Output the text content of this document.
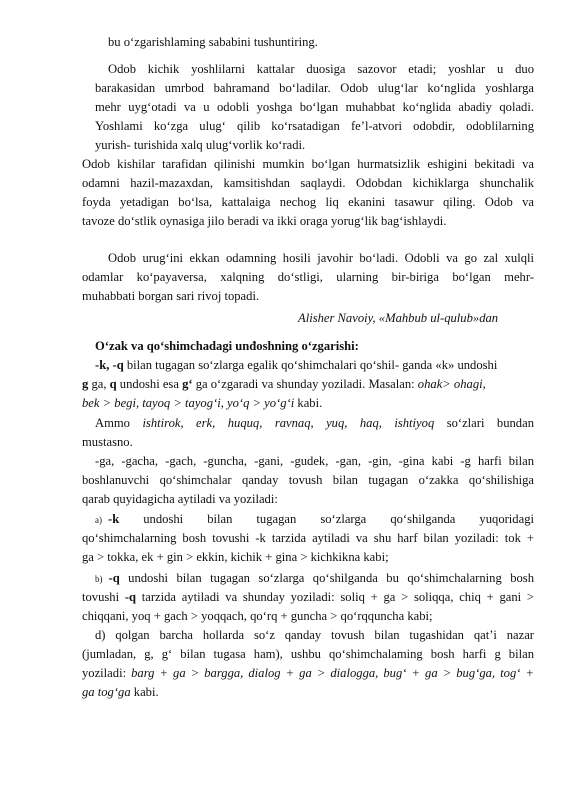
bu o‘zgarishlaming sababini tushuntiring.
Odob kichik yoshlilarni kattalar duosiga sazovor etadi; yoshlar u duo
barakasidan umrbod bahramand bo‘ladilar. Odob ulug‘lar ko‘nglida yoshlarga
mehr uyg‘otadi va u odobli yoshga bo‘lgan muhabbat ko‘nglida abadiy qoladi.
Yoshlami ko‘zga ulug‘ qilib ko‘rsatadigan fe’l-atvori odobdir, odoblilarning
yurish- turishida xalq ulug‘vorlik ko‘radi.
Odob kishilar tarafidan qilinishi mumkin bo‘lgan hurmatsizlik eshigini bekitadi va
odamni hazil-mazaxdan, kamsitishdan saqlaydi. Odobdan kichiklarga shunchalik
foyda yetadigan bo‘lsa, kattalaiga nechog liq ekanini tasawur qiling. Odob va
tavoze do‘stlik oynasiga jilo beradi va ikki oraga yorug‘lik bag‘ishlaydi.
Odob urug‘ini ekkan odamning hosili javohir bo‘ladi. Odobli va go zal xulqli
odamlar ko‘payaversa, xalqning do‘stligi, ularning bir-biriga bo‘lgan mehr-
muhabbati borgan sari rivoj topadi.
Alisher Navoiy, «Mahbub ul-qulub»dan
O‘zak va qo‘shimchadagi unđoshning o‘zgarishi:
-k, -q bilan tugagan so‘zlarga egalik qo‘shimchalari qo‘shil- ganda «k» undoshi
g ga, q undoshi esa g‘ ga o‘zgaradi va shunday yoziladi. Masalan: ohak> ohagi,
bek > begi, tayoq > tayog‘i, yo‘q > yo‘g‘i kabi.
Ammo ishtirok, erk, huquq, ravnaq, yuq, haq, ishtiyoq so‘zlari bundan
mustasno.
-ga, -gacha, -gach, -guncha, -gani, -gudek, -gan, -gin, -gina kabi -g harfi bilan
boshlanuvchi qo‘shimchalar qanday tovush bilan tugagan o‘zakka qo‘shilishiga
qarab quyidagicha aytiladi va yoziladi:
a) -k undoshi bilan tugagan so‘zlarga qo‘shilganda yuqoridagi
qo‘shimchalarning bosh tovushi -k tarzida aytiladi va shu harf bilan yoziladi: tok +
ga > tokka, ek + gin > ekkin, kichik + gina > kichkikna kabi;
b) -q undoshi bilan tugagan so‘zlarga qo‘shilganda bu qo‘shimchalarning bosh
tovushi -q tarzida aytiladi va shunday yoziladi: soliq + ga > soliqqa, chiq + gani >
chiqqani, yoq + gach > yoqqach, qo‘rq + guncha > qo‘rqquncha kabi;
d) qolgan barcha hollarda so‘z qanday tovush bilan tugashidan qat’i nazar
(jumladan, g, g‘ bilan tugasa ham), ushbu qo‘shimchalaming bosh harfi g bilan
yoziladi: barg + ga > bargga, dialog + ga > dialogga, bug‘ + ga > bug‘ga, tog‘ +
ga tog‘ga kabi.
